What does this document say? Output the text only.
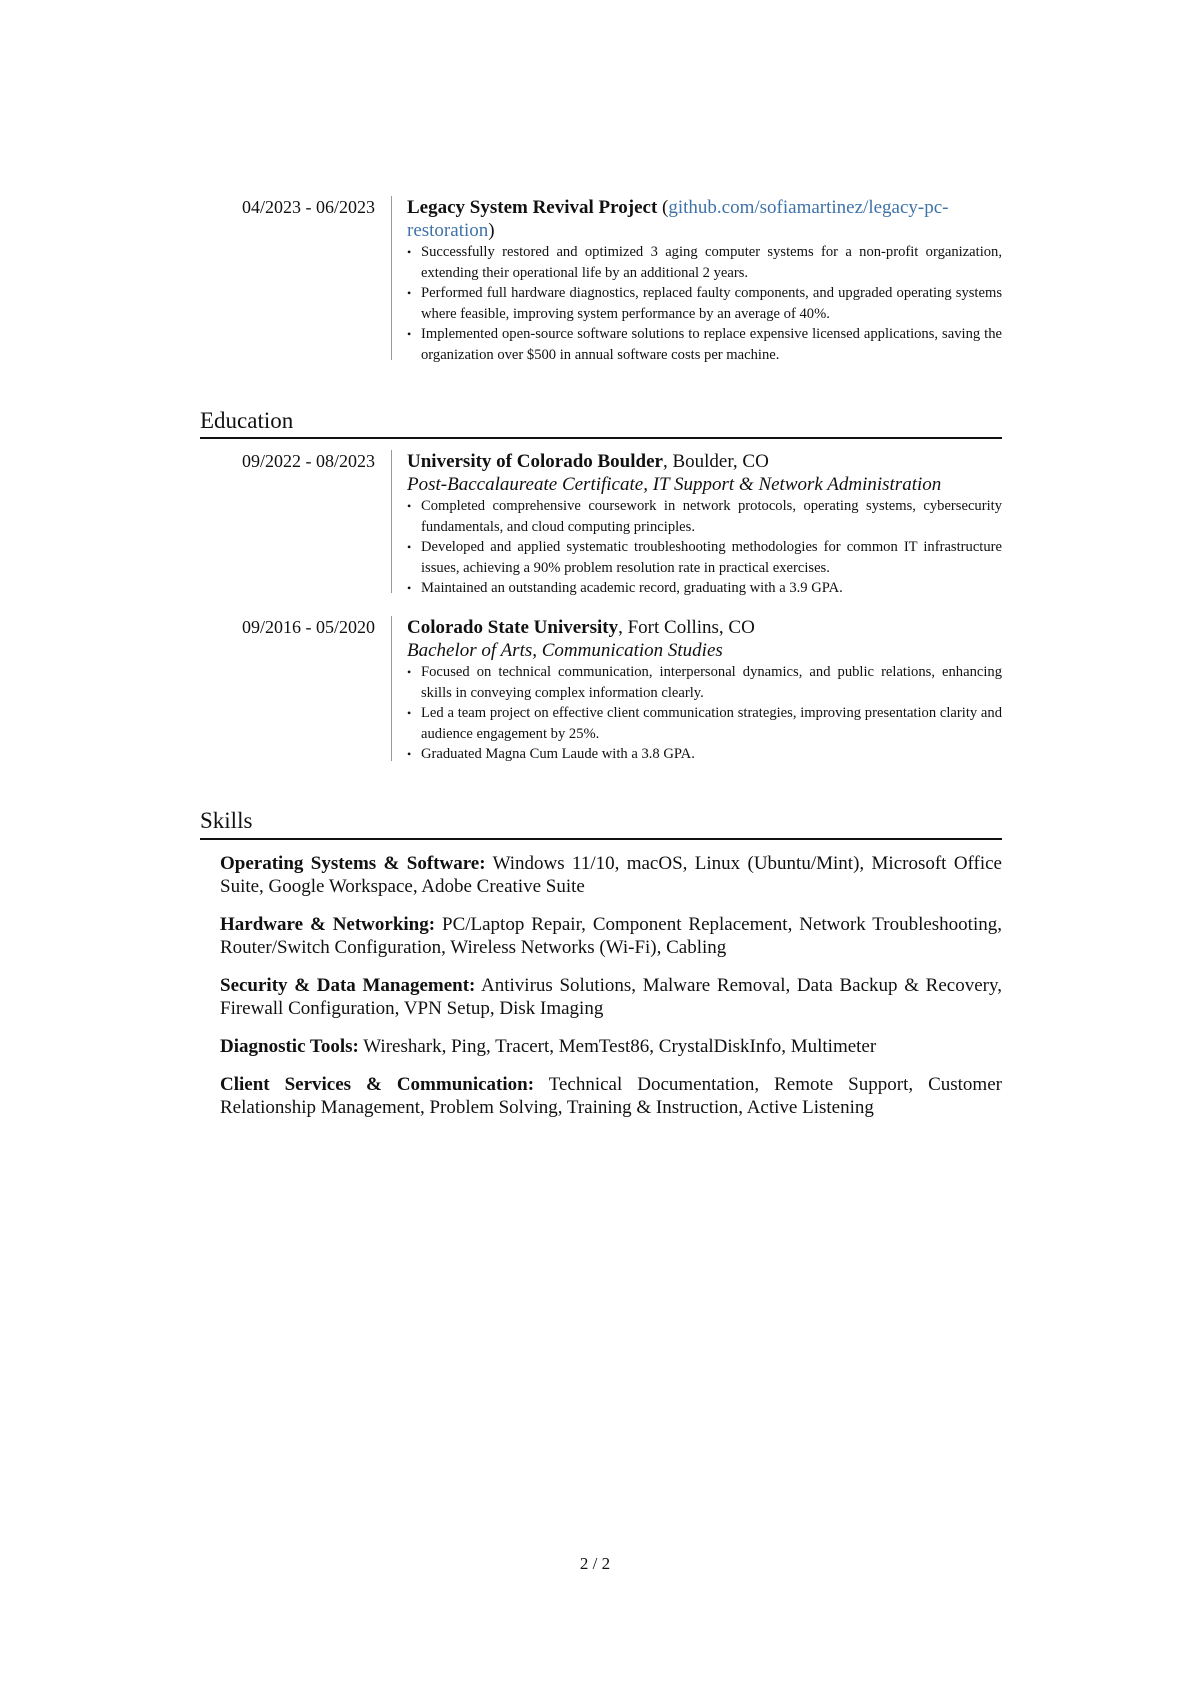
04/2023 - 06/2023 Legacy System Revival Project (github.com/sofiamartinez/legacy-pc-restoration)
• Successfully restored and optimized 3 aging computer systems for a non-profit organization, extending their operational life by an additional 2 years.
• Performed full hardware diagnostics, replaced faulty components, and upgraded operating systems where feasible, improving system performance by an average of 40%.
• Implemented open-source software solutions to replace expensive licensed applications, saving the organization over $500 in annual software costs per machine.
Education
09/2022 - 08/2023 University of Colorado Boulder, Boulder, CO
Post-Baccalaureate Certificate, IT Support & Network Administration
• Completed comprehensive coursework in network protocols, operating systems, cybersecurity fundamentals, and cloud computing principles.
• Developed and applied systematic troubleshooting methodologies for common IT infrastructure issues, achieving a 90% problem resolution rate in practical exercises.
• Maintained an outstanding academic record, graduating with a 3.9 GPA.
09/2016 - 05/2020 Colorado State University, Fort Collins, CO
Bachelor of Arts, Communication Studies
• Focused on technical communication, interpersonal dynamics, and public relations, enhancing skills in conveying complex information clearly.
• Led a team project on effective client communication strategies, improving presentation clarity and audience engagement by 25%.
• Graduated Magna Cum Laude with a 3.8 GPA.
Skills
Operating Systems & Software: Windows 11/10, macOS, Linux (Ubuntu/Mint), Microsoft Office Suite, Google Workspace, Adobe Creative Suite
Hardware & Networking: PC/Laptop Repair, Component Replacement, Network Troubleshooting, Router/Switch Configuration, Wireless Networks (Wi-Fi), Cabling
Security & Data Management: Antivirus Solutions, Malware Removal, Data Backup & Recovery, Firewall Configuration, VPN Setup, Disk Imaging
Diagnostic Tools: Wireshark, Ping, Tracert, MemTest86, CrystalDiskInfo, Multimeter
Client Services & Communication: Technical Documentation, Remote Support, Customer Relationship Management, Problem Solving, Training & Instruction, Active Listening
2 / 2
